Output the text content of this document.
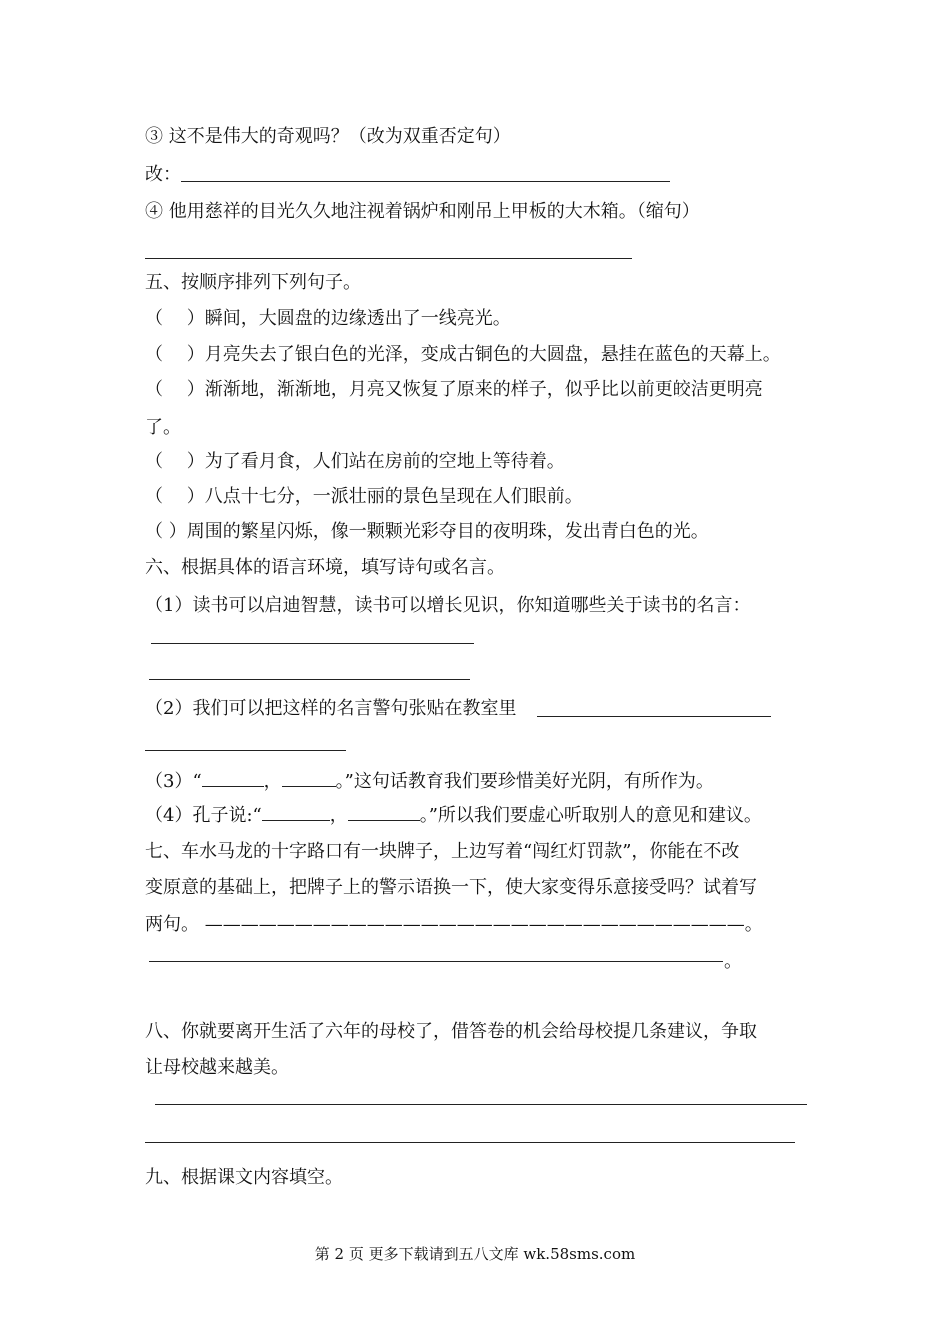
③ 这不是伟大的奇观吗？（改为双重否定句）
改：
④ 他用慈祥的目光久久地注视着锅炉和刚吊上甲板的大木箱。（缩句）
五、按顺序排列下列句子。
（　 ）瞬间，大圆盘的边缘透出了一线亮光。
（　 ）月亮失去了银白色的光泽，变成古铜色的大圆盘，悬挂在蓝色的天幕上。
（　 ）渐渐地，渐渐地，月亮又恢复了原来的样子，似乎比以前更皎洁更明亮
了。
（　 ）为了看月食，人们站在房前的空地上等待着。
（　 ）八点十七分，一派壮丽的景色呈现在人们眼前。
（ ）周围的繁星闪烁，像一颗颗光彩夺目的夜明珠，发出青白色的光。
六、根据具体的语言环境，填写诗句或名言。
（1）读书可以启迪智慧，读书可以增长见识，你知道哪些关于读书的名言：
（2）我们可以把这样的名言警句张贴在教室里
（3）“	，	。”这句话教育我们要珍惜美好光阴，有所作为。
（4）孔子说:“	，	。”所以我们要虚心听取别人的意见和建议。
七、车水马龙的十字路口有一块牌子，上边写着“闯红灯罚款”，你能在不改
变原意的基础上，把牌子上的警示语换一下，使大家变得乐意接受吗？试着写
两句。 ——————————————————————————————。
。
八、你就要离开生活了六年的母校了，借答卷的机会给母校提几条建议，争取
让母校越来越美。
九、根据课文内容填空。
第 2 页 更多下载请到五八文库 wk.58sms.com
